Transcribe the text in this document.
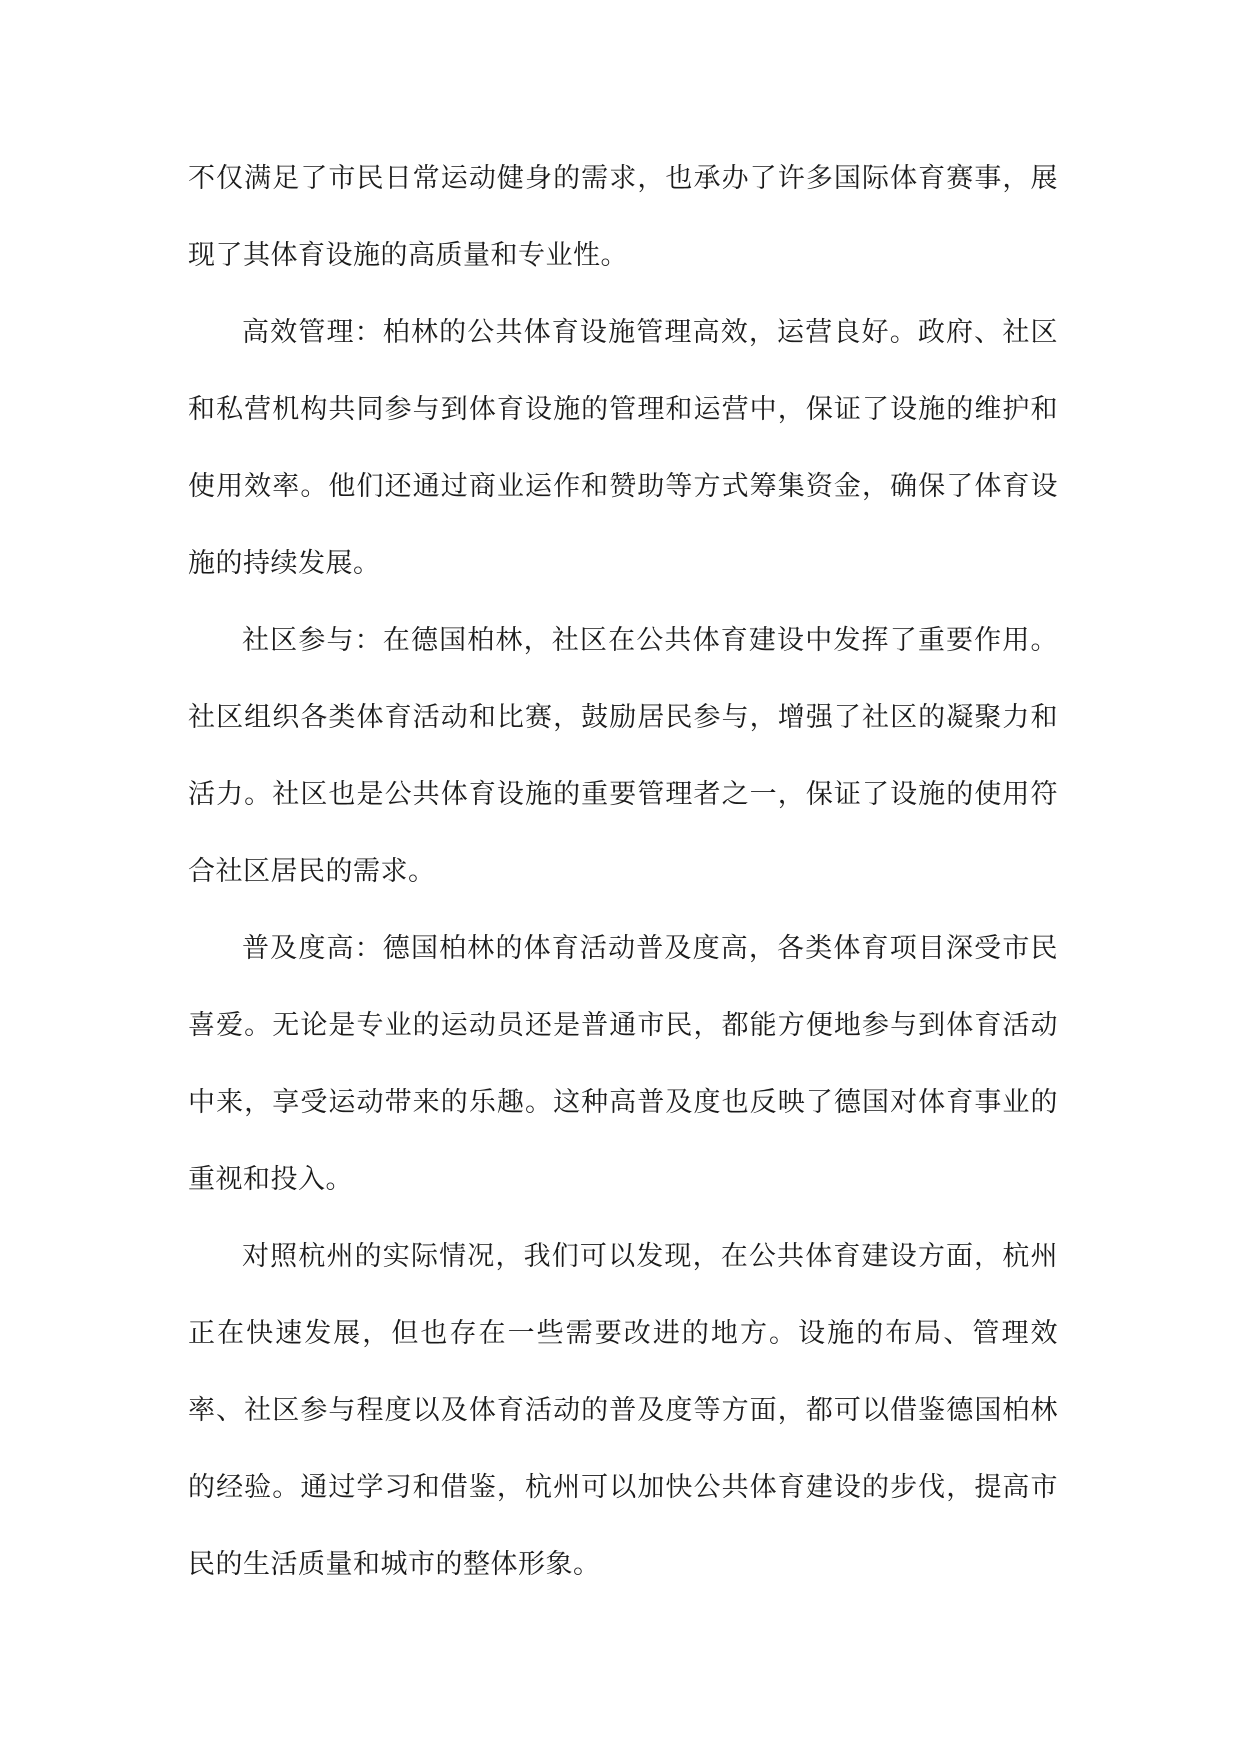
不仅满足了市民日常运动健身的需求，也承办了许多国际体育赛事，展现了其体育设施的高质量和专业性。

高效管理：柏林的公共体育设施管理高效，运营良好。政府、社区和私营机构共同参与到体育设施的管理和运营中，保证了设施的维护和使用效率。他们还通过商业运作和赞助等方式筹集资金，确保了体育设施的持续发展。

社区参与：在德国柏林，社区在公共体育建设中发挥了重要作用。社区组织各类体育活动和比赛，鼓励居民参与，增强了社区的凝聚力和活力。社区也是公共体育设施的重要管理者之一，保证了设施的使用符合社区居民的需求。

普及度高：德国柏林的体育活动普及度高，各类体育项目深受市民喜爱。无论是专业的运动员还是普通市民，都能方便地参与到体育活动中来，享受运动带来的乐趣。这种高普及度也反映了德国对体育事业的重视和投入。

对照杭州的实际情况，我们可以发现，在公共体育建设方面，杭州正在快速发展，但也存在一些需要改进的地方。设施的布局、管理效率、社区参与程度以及体育活动的普及度等方面，都可以借鉴德国柏林的经验。通过学习和借鉴，杭州可以加快公共体育建设的步伐，提高市民的生活质量和城市的整体形象。
